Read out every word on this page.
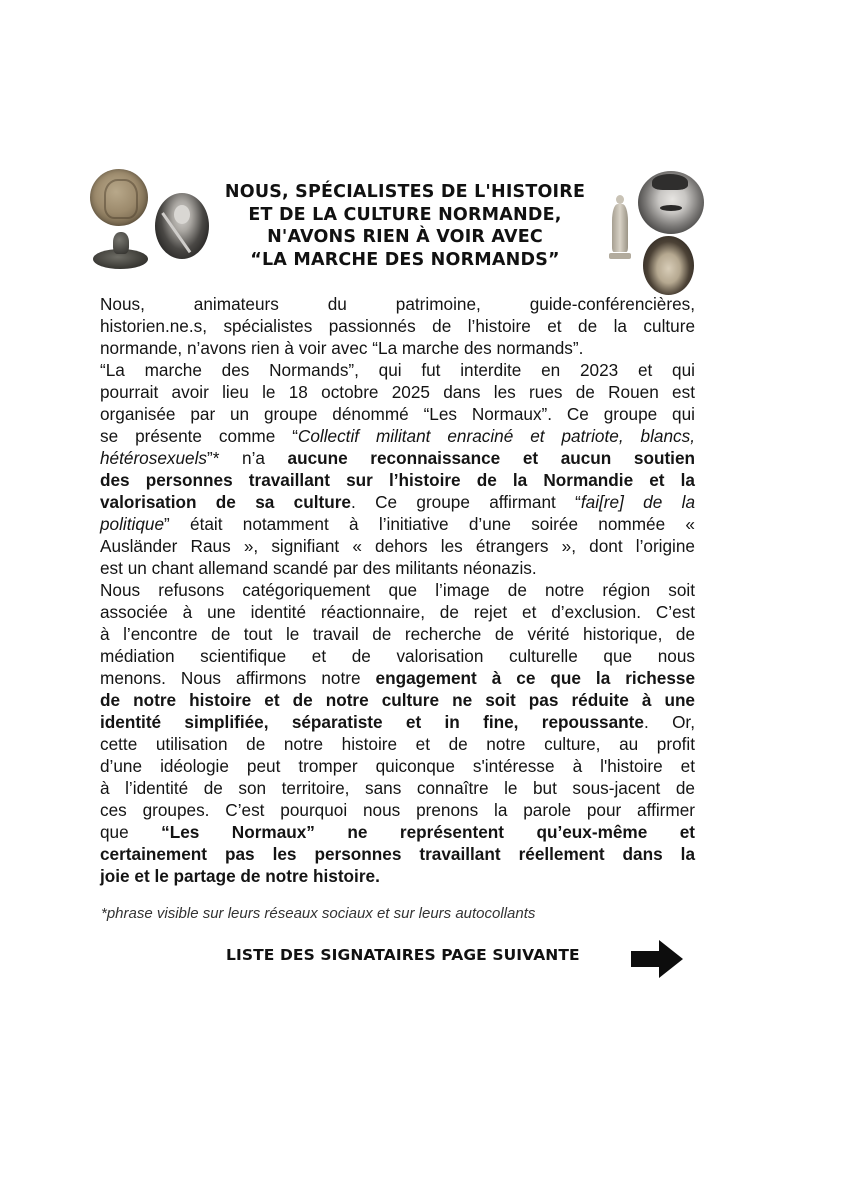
NOUS, SPÉCIALISTES DE L'HISTOIRE
ET DE LA CULTURE NORMANDE,
N'AVONS RIEN À VOIR AVEC
“LA MARCHE DES NORMANDS”
Nous, animateurs du patrimoine, guide-conférencières,
historien.ne.s, spécialistes passionnés de l’histoire et de la culture
normande, n’avons rien à voir avec “La marche des normands”.
“La marche des Normands”, qui fut interdite en 2023 et qui
pourrait avoir lieu le 18 octobre 2025 dans les rues de Rouen est
organisée par un groupe dénommé “Les Normaux”. Ce groupe qui
se présente comme “Collectif militant enraciné et patriote, blancs,
hétérosexuels”* n’a aucune reconnaissance et aucun soutien
des personnes travaillant sur l’histoire de la Normandie et la
valorisation de sa culture. Ce groupe affirmant “fai[re] de la
politique” était notamment à l’initiative d’une soirée nommée «
Ausländer Raus », signifiant « dehors les étrangers », dont l’origine
est un chant allemand scandé par des militants néonazis.
Nous refusons catégoriquement que l’image de notre région soit
associée à une identité réactionnaire, de rejet et d’exclusion. C’est
à l’encontre de tout le travail de recherche de vérité historique, de
médiation scientifique et de valorisation culturelle que nous
menons. Nous affirmons notre engagement à ce que la richesse
de notre histoire et de notre culture ne soit pas réduite à une
identité simplifiée, séparatiste et in fine, repoussante. Or,
cette utilisation de notre histoire et de notre culture, au profit
d’une idéologie peut tromper quiconque s'intéresse à l'histoire et
à l’identité de son territoire, sans connaître le but sous-jacent de
ces groupes. C’est pourquoi nous prenons la parole pour affirmer
que “Les Normaux” ne représentent qu’eux-même et
certainement pas les personnes travaillant réellement dans la
joie et le partage de notre histoire.
*phrase visible sur leurs réseaux sociaux et sur leurs autocollants
LISTE DES SIGNATAIRES PAGE SUIVANTE
